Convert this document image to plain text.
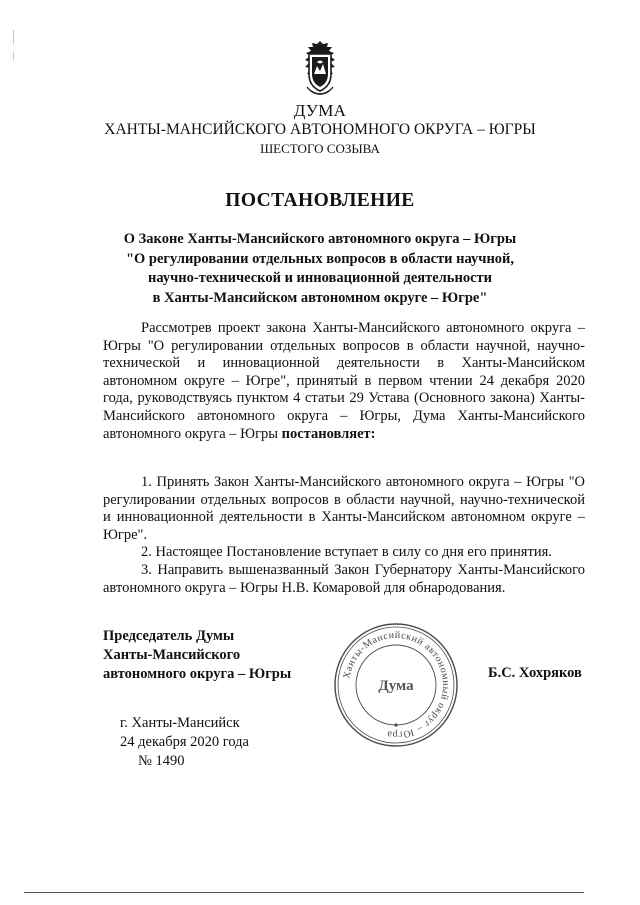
ДУМА
ХАНТЫ-МАНСИЙСКОГО АВТОНОМНОГО ОКРУГА – ЮГРЫ
ШЕСТОГО СОЗЫВА
ПОСТАНОВЛЕНИЕ
О Законе Ханты-Мансийского автономного округа – Югры
"О регулировании отдельных вопросов в области научной,
научно-технической и инновационной деятельности
в Ханты-Мансийском автономном округе – Югре"

Рассмотрев проект закона Ханты-Мансийского автономного округа – Югры "О регулировании отдельных вопросов в области научной, научно-технической и инновационной деятельности в Ханты-Мансийском автономном округе – Югре", принятый в первом чтении 24 декабря 2020 года, руководствуясь пунктом 4 статьи 29 Устава (Основного закона) Ханты-Мансийского автономного округа – Югры, Дума Ханты-Мансийского автономного округа – Югры постановляет:

1. Принять Закон Ханты-Мансийского автономного округа – Югры "О регулировании отдельных вопросов в области научной, научно-технической и инновационной деятельности в Ханты-Мансийском автономном округе – Югре".

2. Настоящее Постановление вступает в силу со дня его принятия.

3. Направить вышеназванный Закон Губернатору Ханты-Мансийского автономного округа – Югры Н.В. Комаровой для обнародования.

Председатель Думы
Ханты-Мансийского
автономного округа – Югры	Ханты-Мансийский автономный округ – Югра
Дума
Б.С. Хохряков
г. Ханты-Мансийск
24 декабря 2020 года
№ 1490
